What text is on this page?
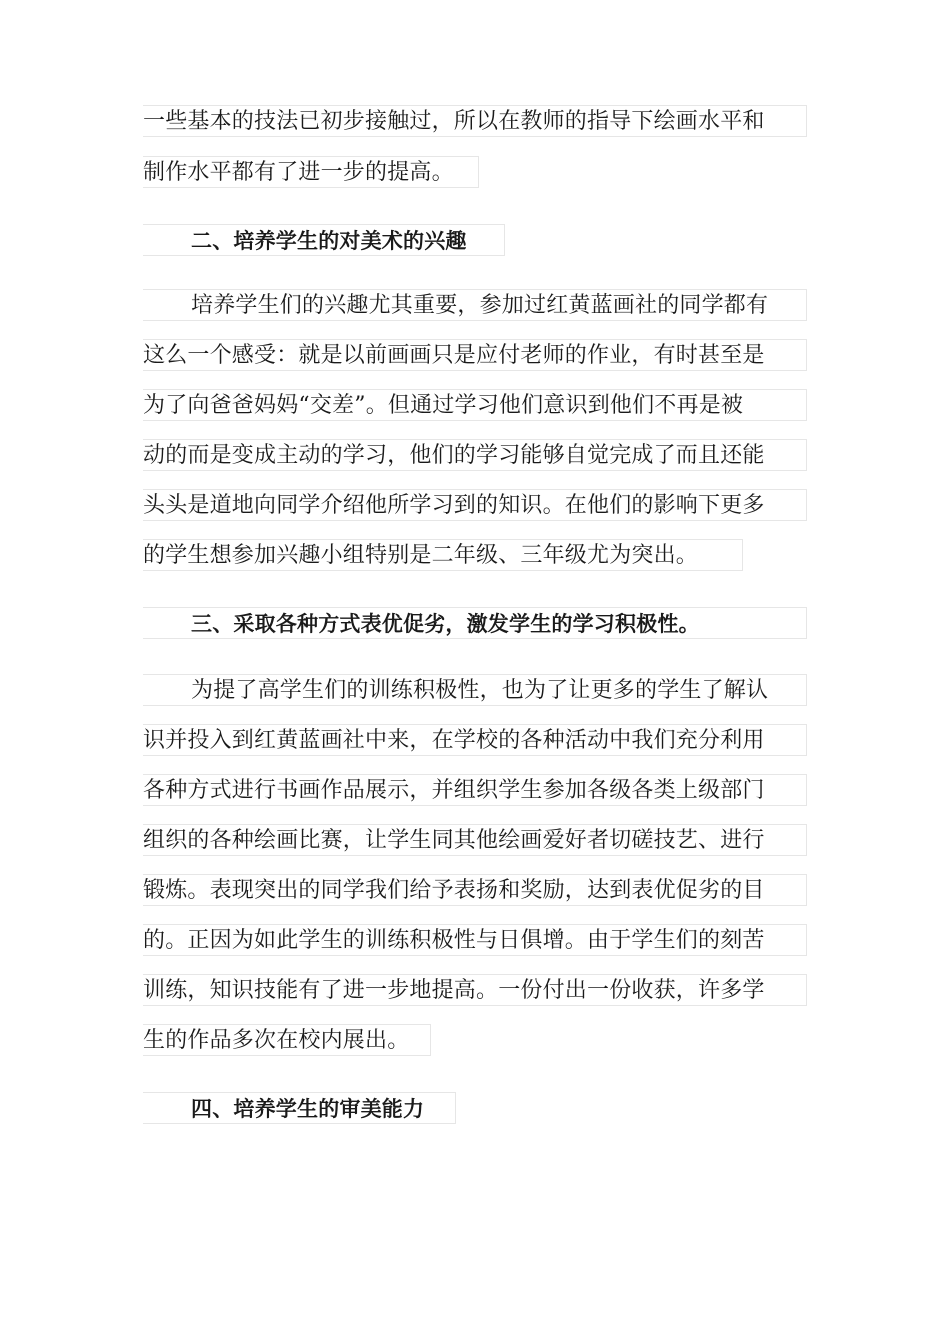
一些基本的技法已初步接触过，所以在教师的指导下绘画水平和
制作水平都有了进一步的提高。
二、培养学生的对美术的兴趣
培养学生们的兴趣尤其重要，参加过红黄蓝画社的同学都有
这么一个感受：就是以前画画只是应付老师的作业，有时甚至是
为了向爸爸妈妈“交差”。但通过学习他们意识到他们不再是被
动的而是变成主动的学习，他们的学习能够自觉完成了而且还能
头头是道地向同学介绍他所学习到的知识。在他们的影响下更多
的学生想参加兴趣小组特别是二年级、三年级尤为突出。
三、采取各种方式表优促劣，激发学生的学习积极性。
为提了高学生们的训练积极性，也为了让更多的学生了解认
识并投入到红黄蓝画社中来，在学校的各种活动中我们充分利用
各种方式进行书画作品展示，并组织学生参加各级各类上级部门
组织的各种绘画比赛，让学生同其他绘画爱好者切磋技艺、进行
锻炼。表现突出的同学我们给予表扬和奖励，达到表优促劣的目
的。正因为如此学生的训练积极性与日俱增。由于学生们的刻苦
训练，知识技能有了进一步地提高。一份付出一份收获，许多学
生的作品多次在校内展出。
四、培养学生的审美能力
